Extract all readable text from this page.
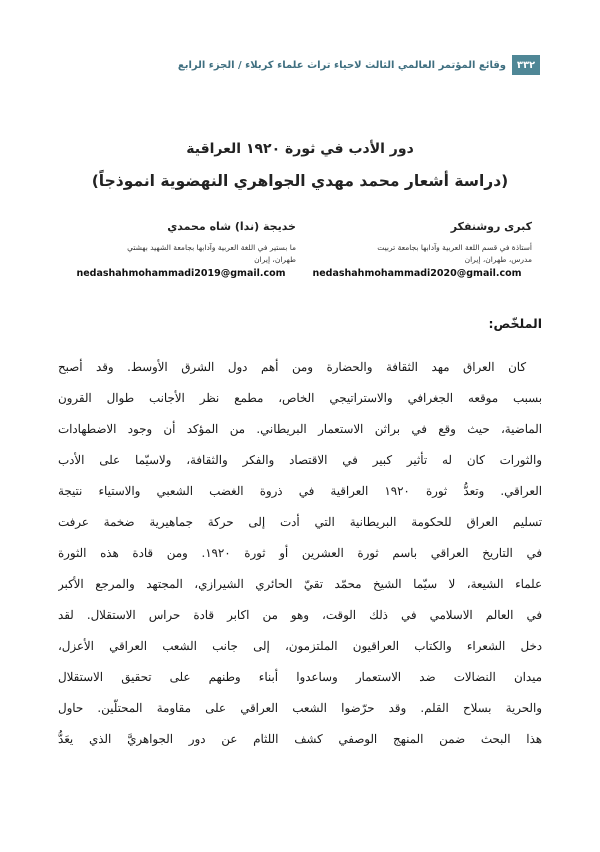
وقائع المؤتمر العالمي الثالث لاحياء تراث علماء كربلاء / الجزء الرابع	٣٣٢
دور الأدب في ثورة ١٩٢٠ العراقية
(دراسة أشعار محمد مهدي الجواهري النهضوية انموذجاً)
كبرى روشنفكر
أستاذة في قسم اللغة العربية وآدابها بجامعة تربيت
مدرس، طهران، إيران
nedashahmohammadi2020@gmail.com
خديجة (ندا) شاه محمدي
ما بستير في اللغة العربية وآدابها بجامعة الشهيد بهشتي
طهران، إيران
nedashahmohammadi2019@gmail.com
الملخّص:
كان العراق مهد الثقافة والحضارة ومن أهم دول الشرق الأوسط. وقد أصبح
بسبب موقعه الجغرافي والاستراتيجي الخاص، مطمع نظر الأجانب طوال القرون
الماضية، حيث وقع في براثن الاستعمار البريطاني. من المؤكد أن وجود الاضطهادات
والثورات كان له تأثير كبير في الاقتصاد والفكر والثقافة، ولاسيّما على الأدب
العراقي. وتعدُّ ثورة ١٩٢٠ العراقية في ذروة الغضب الشعبي والاستياء نتيجة
تسليم العراق للحكومة البريطانية التي أدت إلى حركة جماهيرية ضخمة عرفت
في التاريخ العراقي باسم ثورة العشرين أو ثورة ١٩٢٠. ومن قادة هذه الثورة
علماء الشيعة، لا سيّما الشيخ محمّد تقيّ الحائري الشيرازي، المجتهد والمرجع الأكبر
في العالم الاسلامي في ذلك الوقت، وهو من اكابر قادة حراس الاستقلال. لقد
دخل الشعراء والكتاب العراقيون الملتزمون، إلى جانب الشعب العراقي الأعزل،
ميدان النضالات ضد الاستعمار وساعدوا أبناء وطنهم على تحقيق الاستقلال
والحرية بسلاح القلم. وقد حرّضوا الشعب العراقي على مقاومة المحتلّين. حاول
هذا البحث ضمن المنهج الوصفي كشف اللثام عن دور الجواهريَّ الذي يعَدُّ
